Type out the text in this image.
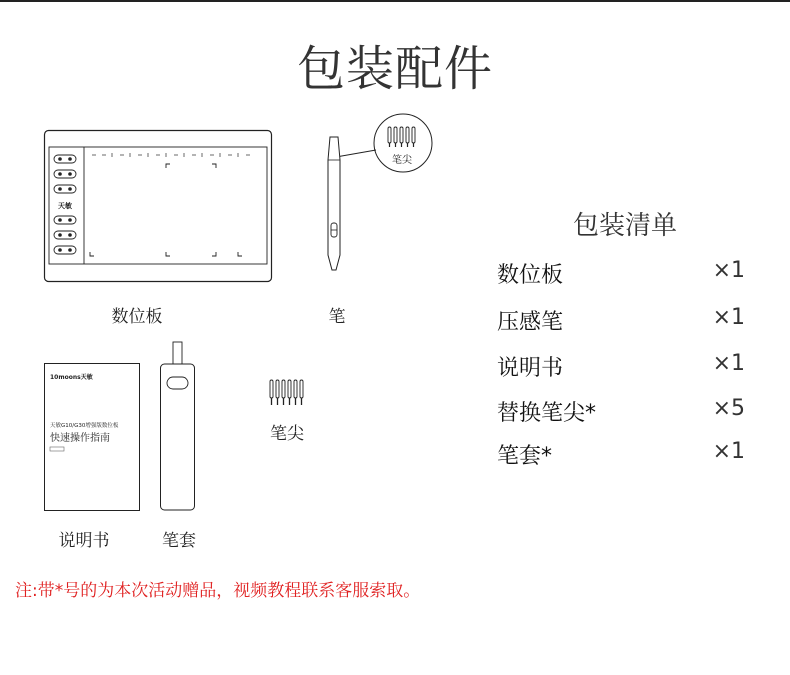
包装配件
天敏
数位板
笔尖
笔
10moons天敏
天敏G10/G30增强版数位板
快速操作指南
说明书	笔套
笔尖
包装清单
数位板	×1
压感笔	×1
说明书	×1
替换笔尖*	×5
笔套*	×1
注:带*号的为本次活动赠品，视频教程联系客服索取。
